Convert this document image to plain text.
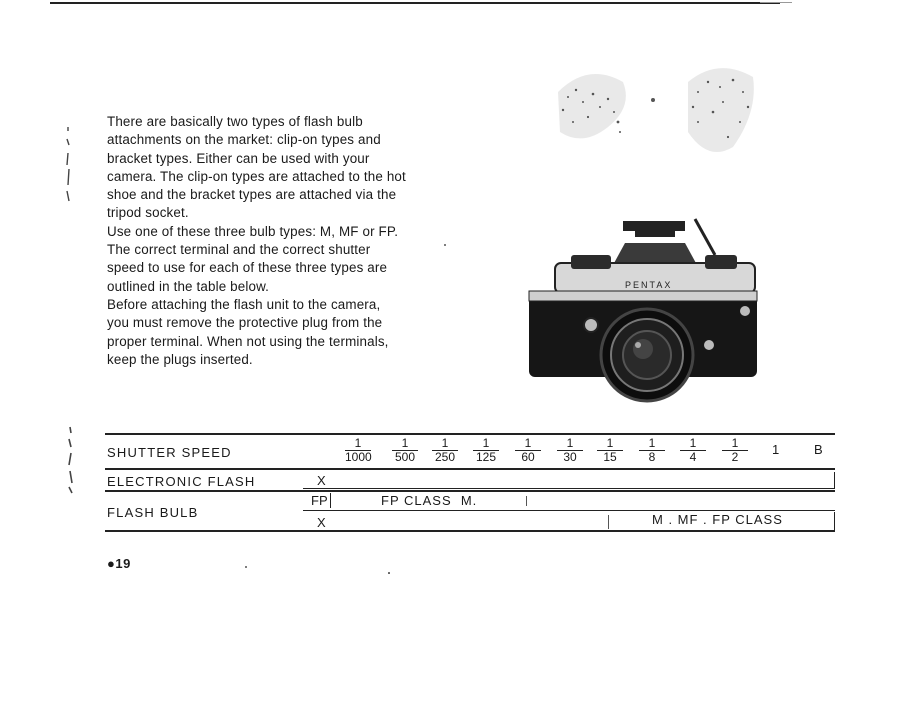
There are basically two types of flash bulb
attachments on the market: clip-on types and
bracket types. Either can be used with your
camera. The clip-on types are attached to the hot
shoe and the bracket types are attached via the
tripod socket.
Use one of these three bulb types: M, MF or FP.
The correct terminal and the correct shutter
speed to use for each of these three types are
outlined in the table below.
Before attaching the flash unit to the camera,
you must remove the protective plug from the
proper terminal. When not using the terminals,
keep the plugs inserted.
PENTAX
SHUTTER SPEED	$\frac{1}{1000} \frac{1}{500} \frac{1}{250} \frac{1}{125} \frac{1}{60} \frac{1}{30} \frac{1}{15} \frac{1}{8} \frac{1}{4} \frac{1}{2} 1$	B
ELECTRONIC FLASH	X
FLASH BULB
FP	FP CLASS  M.
X	M . MF . FP CLASS
●19
